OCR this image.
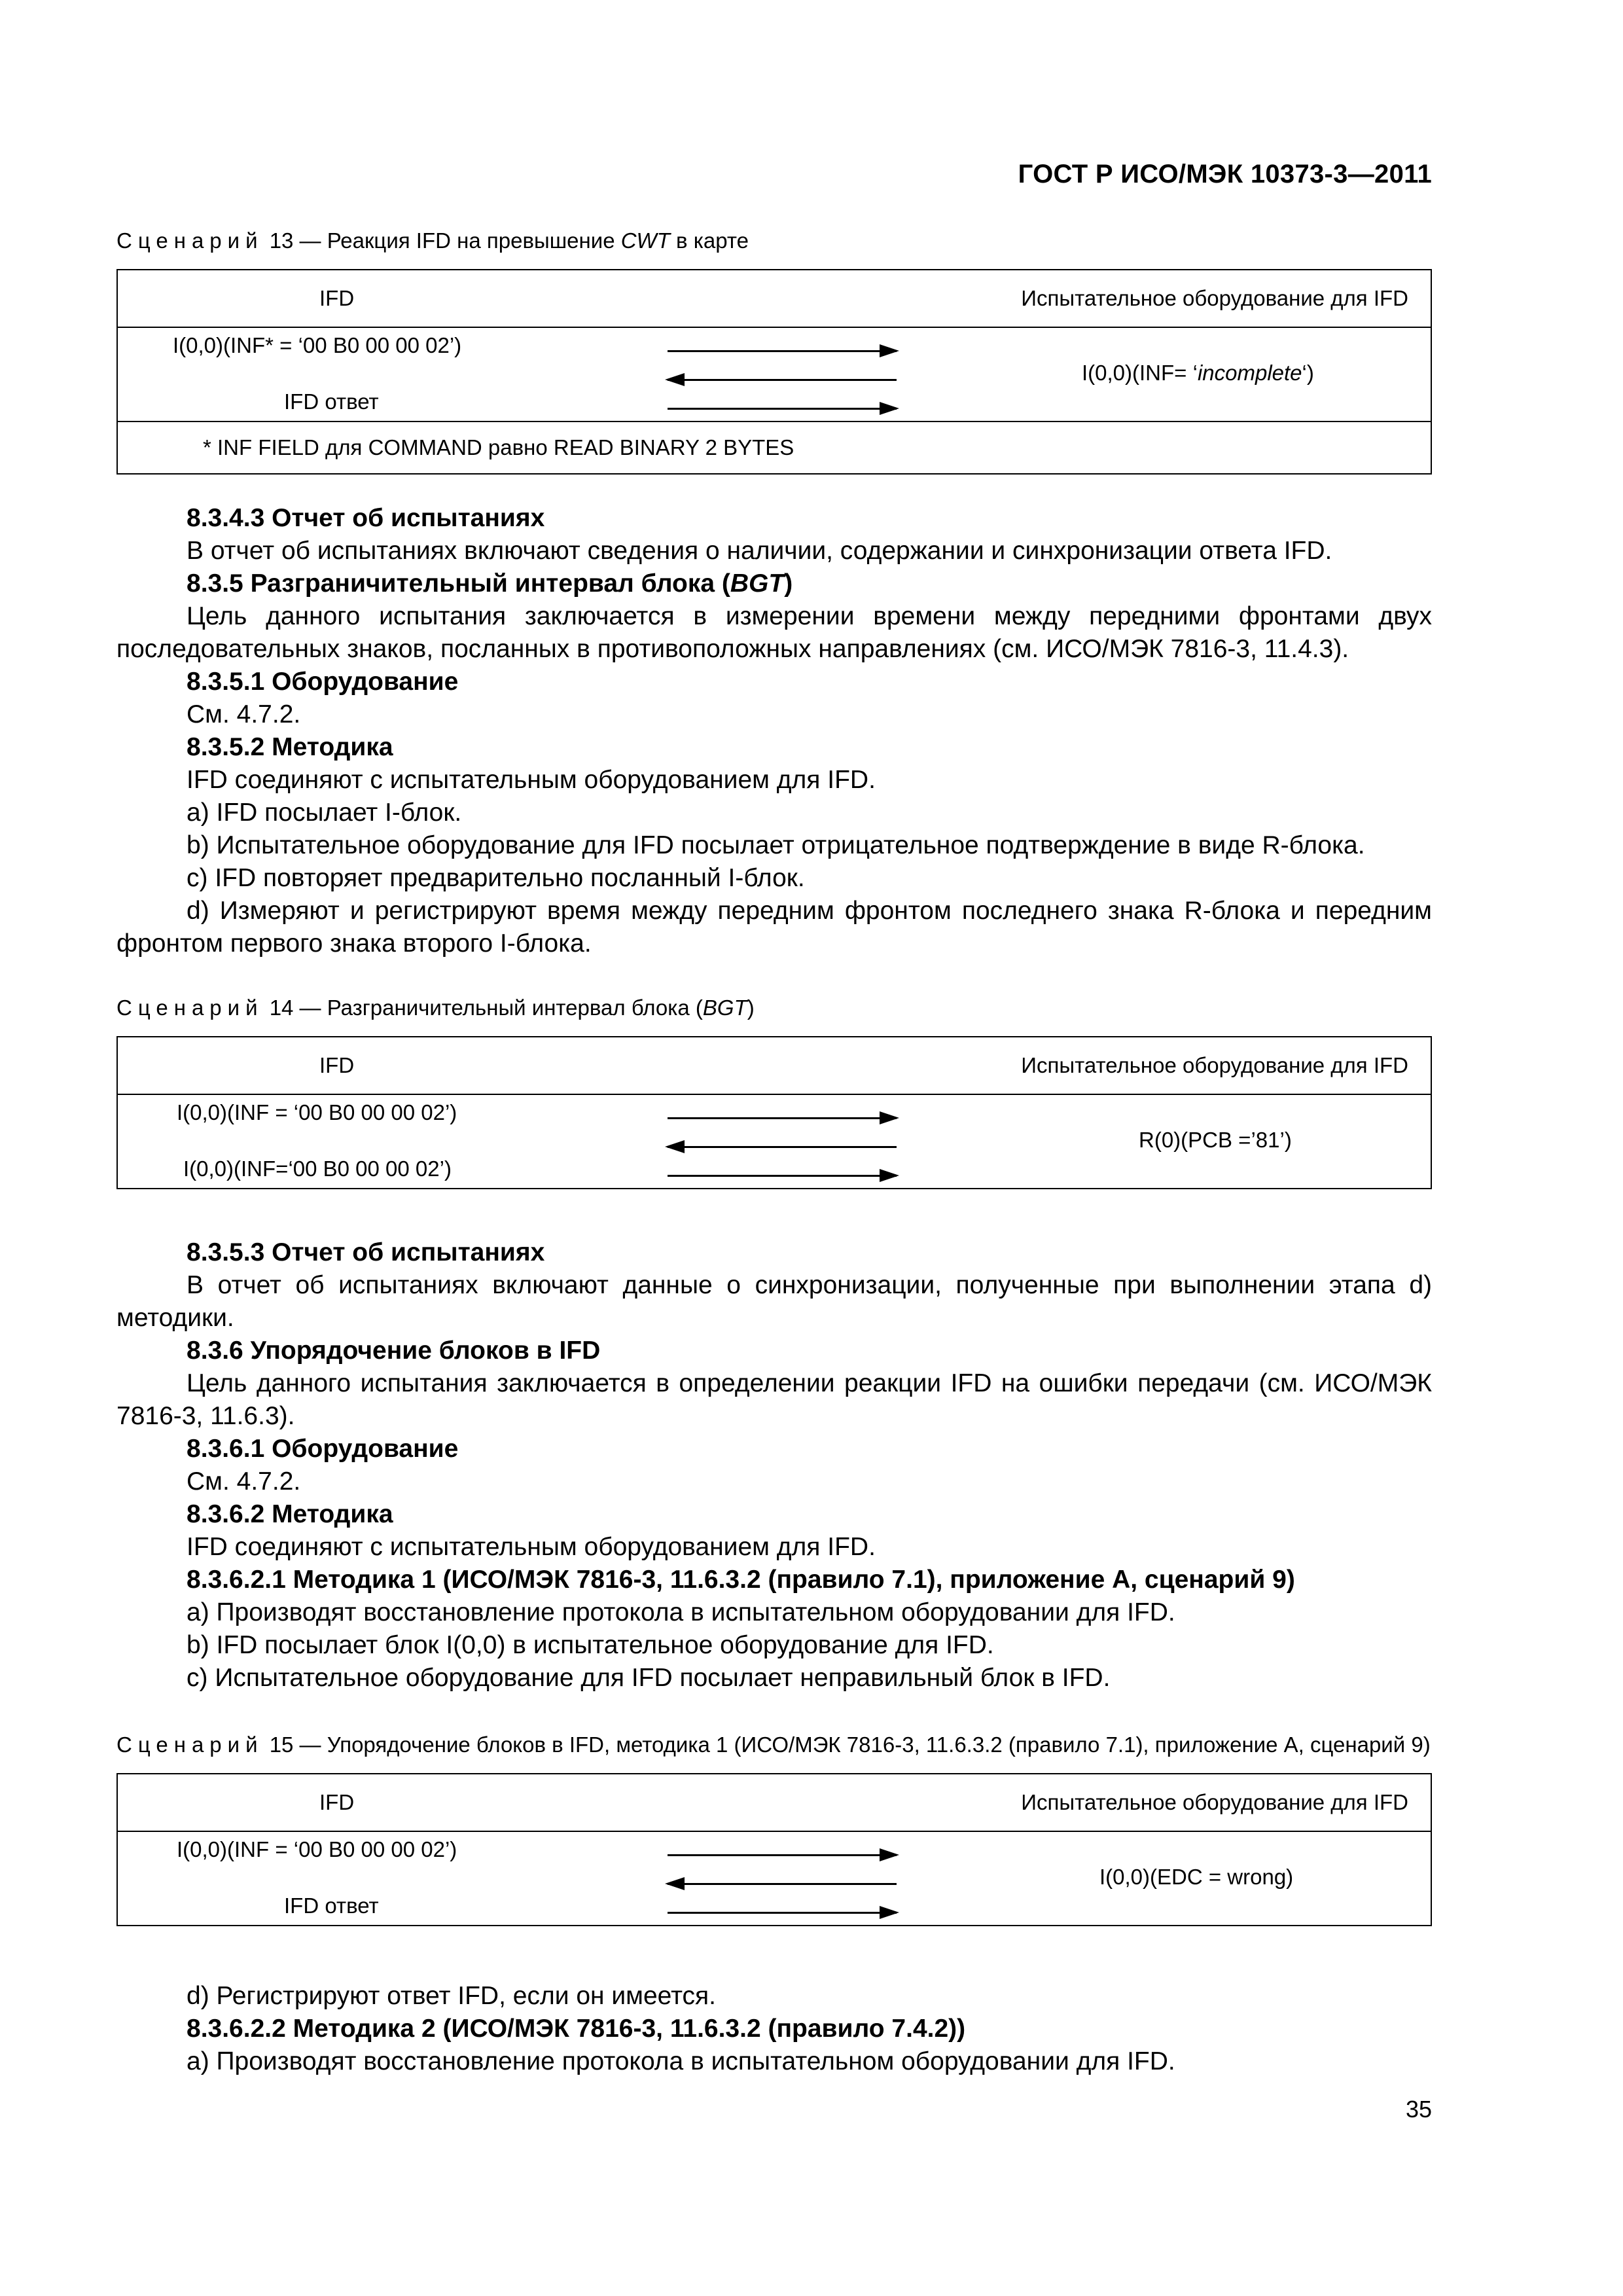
ГОСТ Р ИСО/МЭК 10373-3—2011
Сценарий 13 — Реакция IFD на превышение CWT в карте
IFD	Испытательное оборудование для IFD

I(0,0)(INF* = ‘00 B0 00 00 02’)
IFD ответ
I(0,0)(INF= ‘incomplete‘)

* INF FIELD для COMMAND равно READ BINARY 2 BYTES

8.3.4.3 Отчет об испытаниях

В отчет об испытаниях включают сведения о наличии, содержании и синхронизации ответа IFD.

8.3.5 Разграничительный интервал блока (BGT)

Цель данного испытания заключается в измерении времени между передними фронтами двух последовательных знаков, посланных в противоположных направлениях (см. ИСО/МЭК 7816-3, 11.4.3).

8.3.5.1 Оборудование

См. 4.7.2.

8.3.5.2 Методика

IFD соединяют с испытательным оборудованием для IFD.

a) IFD посылает I-блок.

b) Испытательное оборудование для IFD посылает отрицательное подтверждение в виде R-блока.

c) IFD повторяет предварительно посланный I-блок.

d) Измеряют и регистрируют время между передним фронтом последнего знака R-блока и передним фронтом первого знака второго I-блока.

Сценарий 14 — Разграничительный интервал блока (BGT)
IFD	Испытательное оборудование для IFD

I(0,0)(INF = ‘00 B0 00 00 02’)
I(0,0)(INF=‘00 B0 00 00 02’)
R(0)(PCB =’81’)

8.3.5.3 Отчет об испытаниях

В отчет об испытаниях включают данные о синхронизации, полученные при выполнении этапа d) методики.

8.3.6 Упорядочение блоков в IFD

Цель данного испытания заключается в определении реакции IFD на ошибки передачи (см. ИСО/МЭК 7816-3, 11.6.3).

8.3.6.1 Оборудование

См. 4.7.2.

8.3.6.2 Методика

IFD соединяют с испытательным оборудованием для IFD.

8.3.6.2.1 Методика 1 (ИСО/МЭК 7816-3, 11.6.3.2 (правило 7.1), приложение А, сценарий 9)

a) Производят восстановление протокола в испытательном оборудовании для IFD.

b) IFD посылает блок I(0,0) в испытательное оборудование для IFD.

c) Испытательное оборудование для IFD посылает неправильный блок в IFD.

Сценарий 15 — Упорядочение блоков в IFD, методика 1 (ИСО/МЭК 7816-3, 11.6.3.2 (правило 7.1), приложение А, сценарий 9)
IFD	Испытательное оборудование для IFD

I(0,0)(INF = ‘00 B0 00 00 02’)
IFD ответ
I(0,0)(EDC = wrong)

d) Регистрируют ответ IFD, если он имеется.

8.3.6.2.2 Методика 2 (ИСО/МЭК 7816-3, 11.6.3.2 (правило 7.4.2))

a) Производят восстановление протокола в испытательном оборудовании для IFD.

35
